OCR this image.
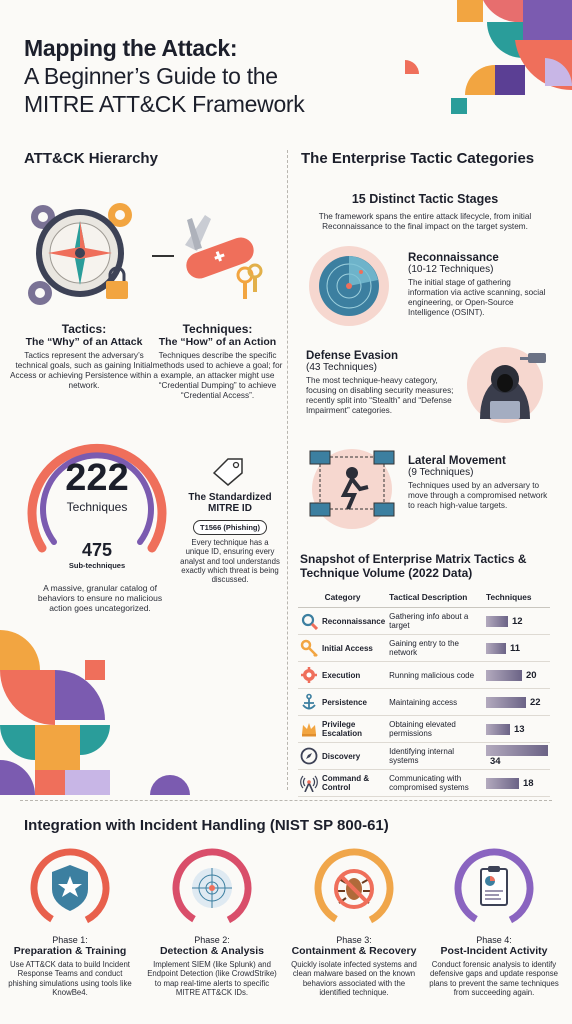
Mapping the Attack:
A Beginner’s Guide to the
MITRE ATT&CK Framework
ATT&CK Hierarchy	The Enterprise Tactic Categories
Tactics:
The “Why” of an Attack
Tactics represent the adversary’s technical goals, such as gaining Initial Access or achieving Persistence within a network.
Techniques:
The “How” of an Action
Techniques describe the specific methods used to achieve a goal; for example, an attacker might use “Credential Dumping” to achieve “Credential Access”.
222
Techniques
475
Sub-techniques
A massive, granular catalog of behaviors to ensure no malicious action goes uncategorized.
The Standardized
MITRE ID
T1566 (Phishing)
Every technique has a unique ID, ensuring every analyst and tool understands exactly which threat is being discussed.
15 Distinct Tactic Stages
The framework spans the entire attack lifecycle, from initial Reconnaissance to the final impact on the target system.
Reconnaissance
(10-12 Techniques)
The initial stage of gathering information via active scanning, social engineering, or Open-Source Intelligence (OSINT).
Defense Evasion
(43 Techniques)
The most technique-heavy category, focusing on disabling security measures; recently split into “Stealth” and “Defense Impairment” categories.
Lateral Movement
(9 Techniques)
Techniques used by an adversary to move through a compromised network to reach high-value targets.
Snapshot of Enterprise Matrix Tactics &
Technique Volume (2022 Data)
Category	Tactical Description	Techniques

Reconnaissance	Gathering info about a target	12

Initial Access	Gaining entry to the network	11

Execution	Running malicious code	20

Persistence	Maintaining access	22

Privilege Escalation	Obtaining elevated permissions	13

Discovery	Identifying internal systems	34

Command & Control	Communicating with compromised systems	18
Integration with Incident Handling (NIST SP 800-61)
Phase 1:
Preparation & Training
Use ATT&CK data to build Incident Response Teams and conduct phishing simulations using tools like KnowBe4.
Phase 2:
Detection & Analysis
Implement SIEM (like Splunk) and Endpoint Detection (like CrowdStrike) to map real-time alerts to specific MITRE ATT&CK IDs.
Phase 3:
Containment & Recovery
Quickly isolate infected systems and clean malware based on the known behaviors associated with the identified technique.
Phase 4:
Post-Incident Activity
Conduct forensic analysis to identify defensive gaps and update response plans to prevent the same techniques from succeeding again.
